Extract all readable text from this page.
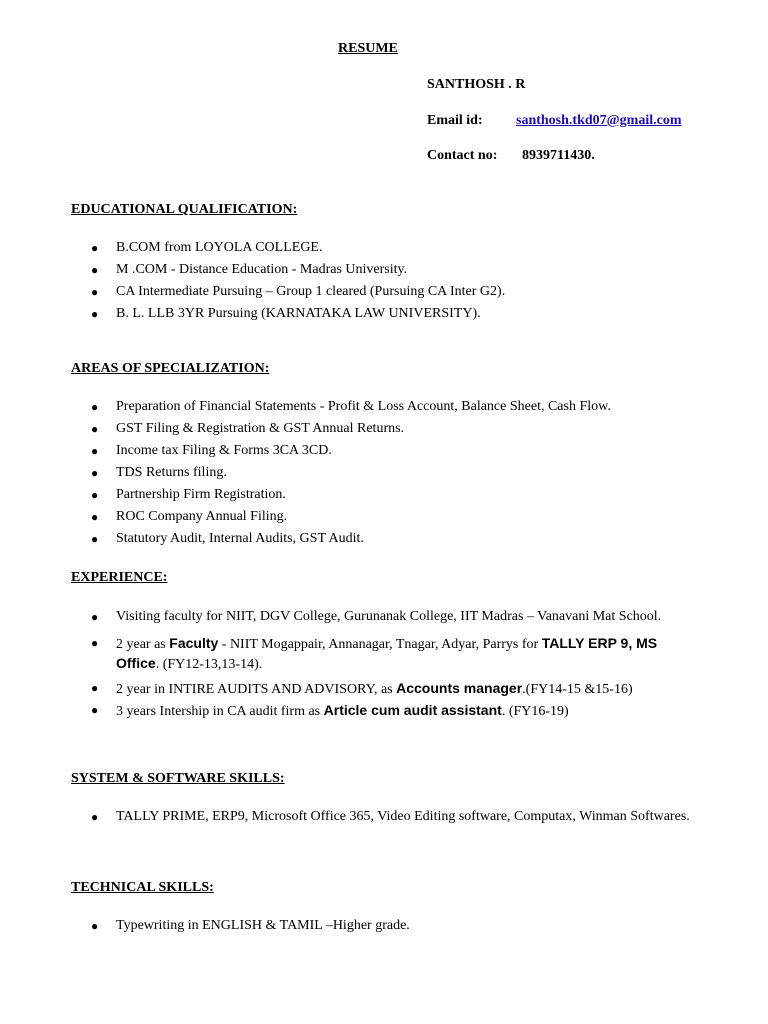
RESUME
SANTHOSH . R
Email id: santhosh.tkd07@gmail.com
Contact no: 8939711430.
EDUCATIONAL QUALIFICATION:
● B.COM from LOYOLA COLLEGE.
● M .COM - Distance Education - Madras University.
● CA Intermediate Pursuing – Group 1 cleared (Pursuing CA Inter G2).
● B. L. LLB 3YR Pursuing (KARNATAKA LAW UNIVERSITY).
AREAS OF SPECIALIZATION:
● Preparation of Financial Statements - Profit & Loss Account, Balance Sheet, Cash Flow.
● GST Filing & Registration & GST Annual Returns.
● Income tax Filing & Forms 3CA 3CD.
● TDS Returns filing.
● Partnership Firm Registration.
● ROC Company Annual Filing.
● Statutory Audit, Internal Audits, GST Audit.
EXPERIENCE:
● Visiting faculty for NIIT, DGV College, Gurunanak College, IIT Madras – Vanavani Mat School.
● 2 year as Faculty - NIIT Mogappair, Annanagar, Tnagar, Adyar, Parrys for TALLY ERP 9, MS Office. (FY12-13,13-14).
● 2 year in INTIRE AUDITS AND ADVISORY, as Accounts manager.(FY14-15 &15-16)
● 3 years Intership in CA audit firm as Article cum audit assistant. (FY16-19)
SYSTEM & SOFTWARE SKILLS:
● TALLY PRIME, ERP9, Microsoft Office 365, Video Editing software, Computax, Winman Softwares.
TECHNICAL SKILLS:
● Typewriting in ENGLISH & TAMIL –Higher grade.
